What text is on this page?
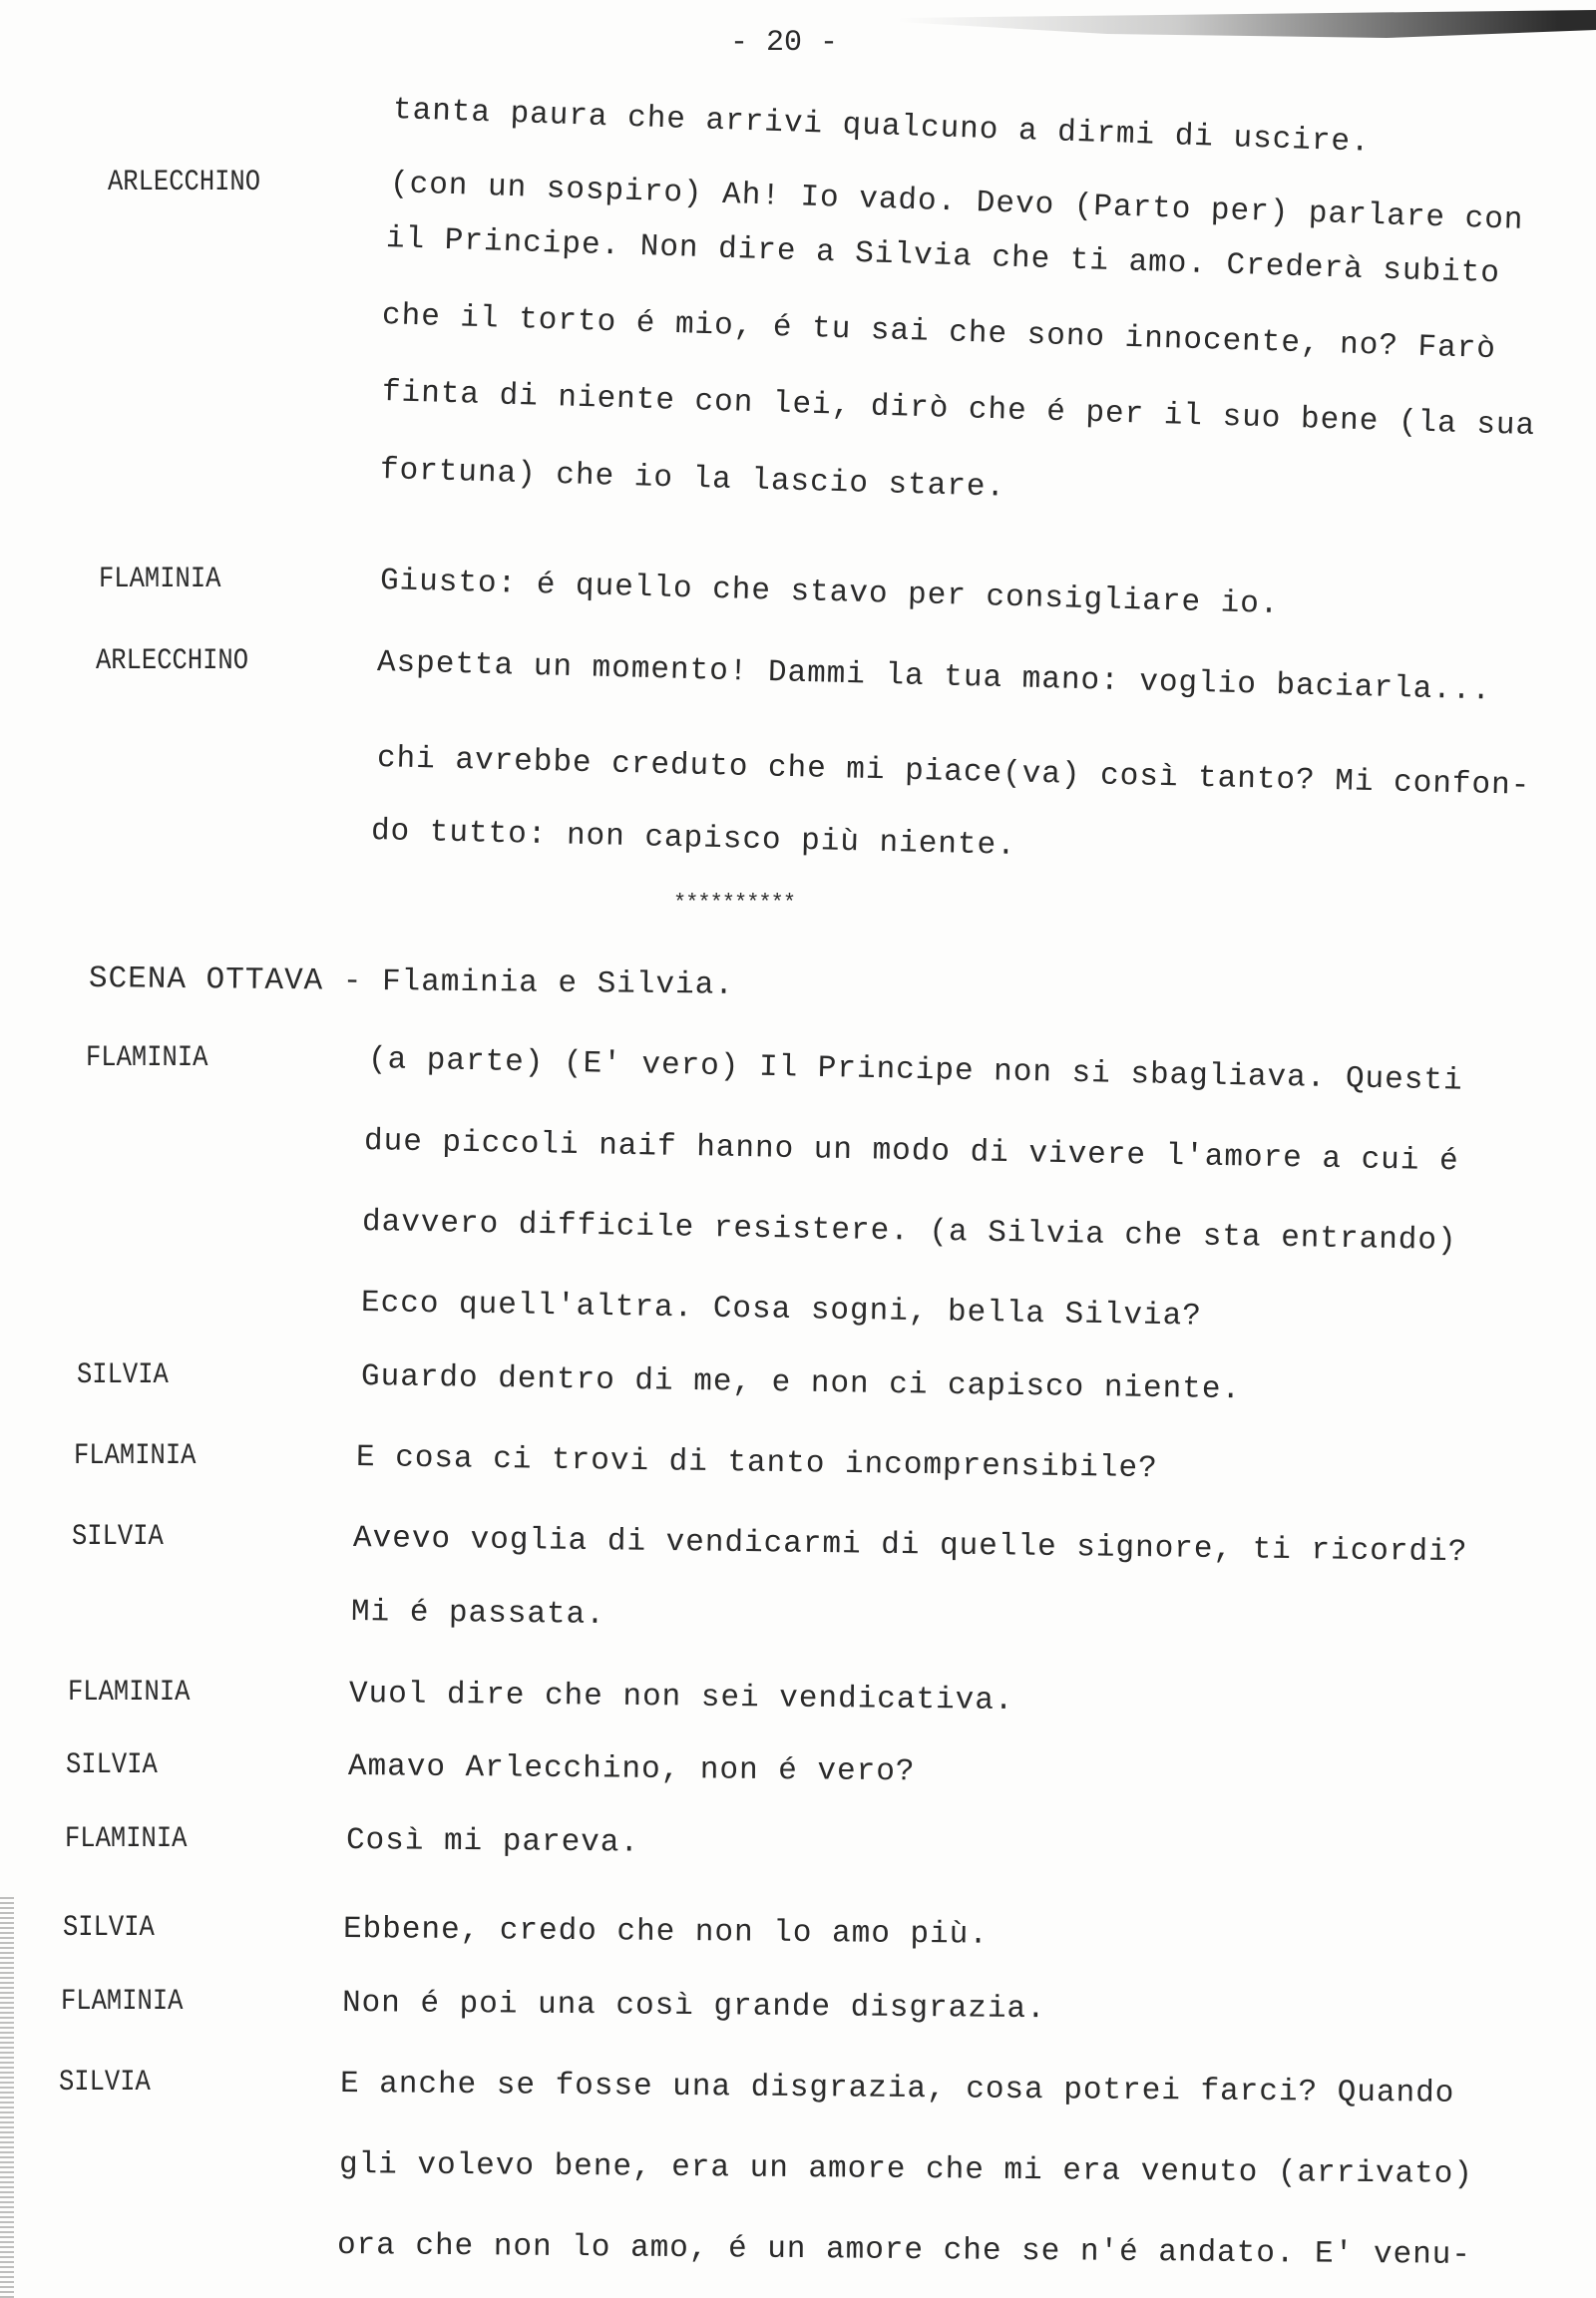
- 20 -
**********
SCENA OTTAVA - Flaminia e Silvia.
tanta paura che arrivi qualcuno a dirmi di uscire.
ARLECCHINO	(con un sospiro) Ah! Io vado. Devo (Parto per) parlare con
il Principe. Non dire a Silvia che ti amo. Crederà subito
che il torto é mio, é tu sai che sono innocente, no? Farò
finta di niente con lei, dirò che é per il suo bene (la sua
fortuna) che io la lascio stare.
FLAMINIA	Giusto: é quello che stavo per consigliare io.
ARLECCHINO	Aspetta un momento! Dammi la tua mano: voglio baciarla...
chi avrebbe creduto che mi piace(va) così tanto? Mi confon-
do tutto: non capisco più niente.
FLAMINIA	(a parte) (E' vero) Il Principe non si sbagliava. Questi
due piccoli naif hanno un modo di vivere l'amore a cui é
davvero difficile resistere. (a Silvia che sta entrando)
Ecco quell'altra. Cosa sogni, bella Silvia?
SILVIA	Guardo dentro di me, e non ci capisco niente.
FLAMINIA	E cosa ci trovi di tanto incomprensibile?
SILVIA	Avevo voglia di vendicarmi di quelle signore, ti ricordi?
Mi é passata.
FLAMINIA	Vuol dire che non sei vendicativa.
SILVIA	Amavo Arlecchino, non é vero?
FLAMINIA	Così mi pareva.
SILVIA	Ebbene, credo che non lo amo più.
FLAMINIA	Non é poi una così grande disgrazia.
SILVIA	E anche se fosse una disgrazia, cosa potrei farci? Quando
gli volevo bene, era un amore che mi era venuto (arrivato)
ora che non lo amo, é un amore che se n'é andato. E' venu-
